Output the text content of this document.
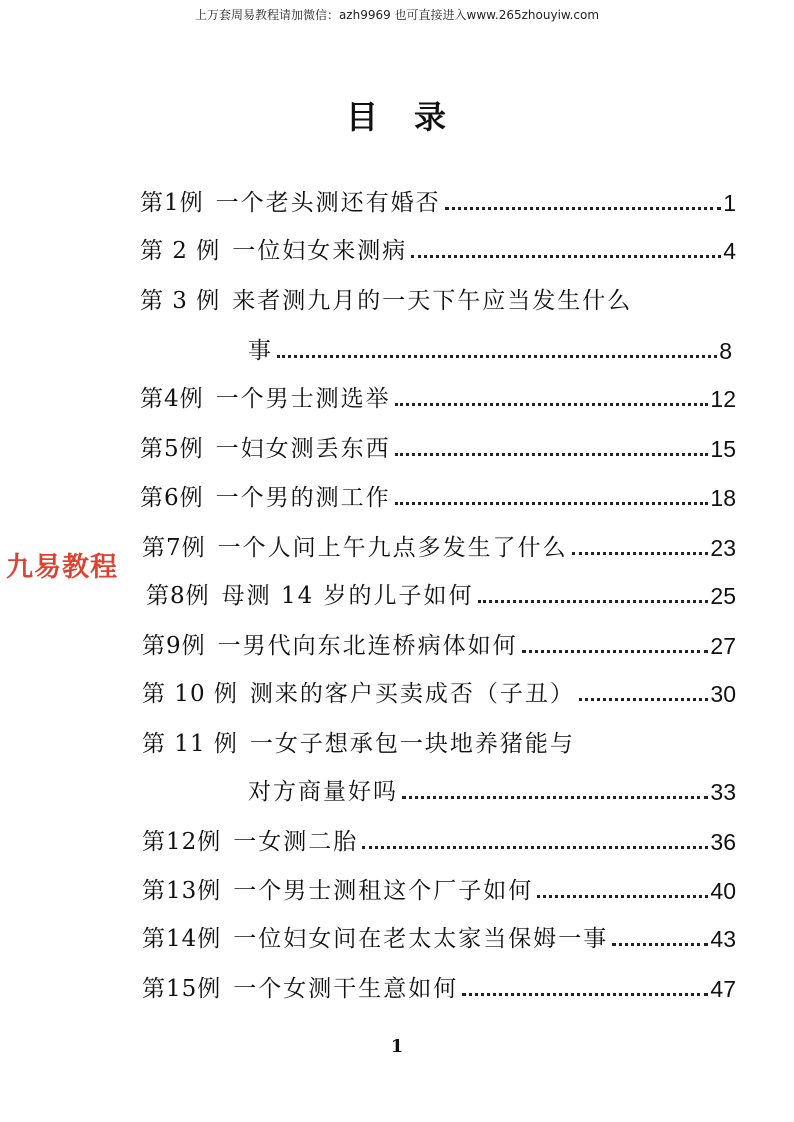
上万套周易教程请加微信：azh9969 也可直接进入www.265zhouyiw.com
目 录
九易教程
第1例 一个老头测还有婚否	1
第 2 例 一位妇女来测病	4
第 3 例 来者测九月的一天下午应当发生什么
事	8
第4例 一个男士测选举	12
第5例 一妇女测丢东西	15
第6例 一个男的测工作	18
第7例 一个人问上午九点多发生了什么	23
第8例 母测 14 岁的儿子如何	25
第9例 一男代向东北连桥病体如何	27
第 10 例 测来的客户买卖成否（子丑）	30
第 11 例 一女子想承包一块地养猪能与
对方商量好吗	33
第12例 一女测二胎	36
第13例 一个男士测租这个厂子如何	40
第14例 一位妇女问在老太太家当保姆一事	43
第15例 一个女测干生意如何	47
1
